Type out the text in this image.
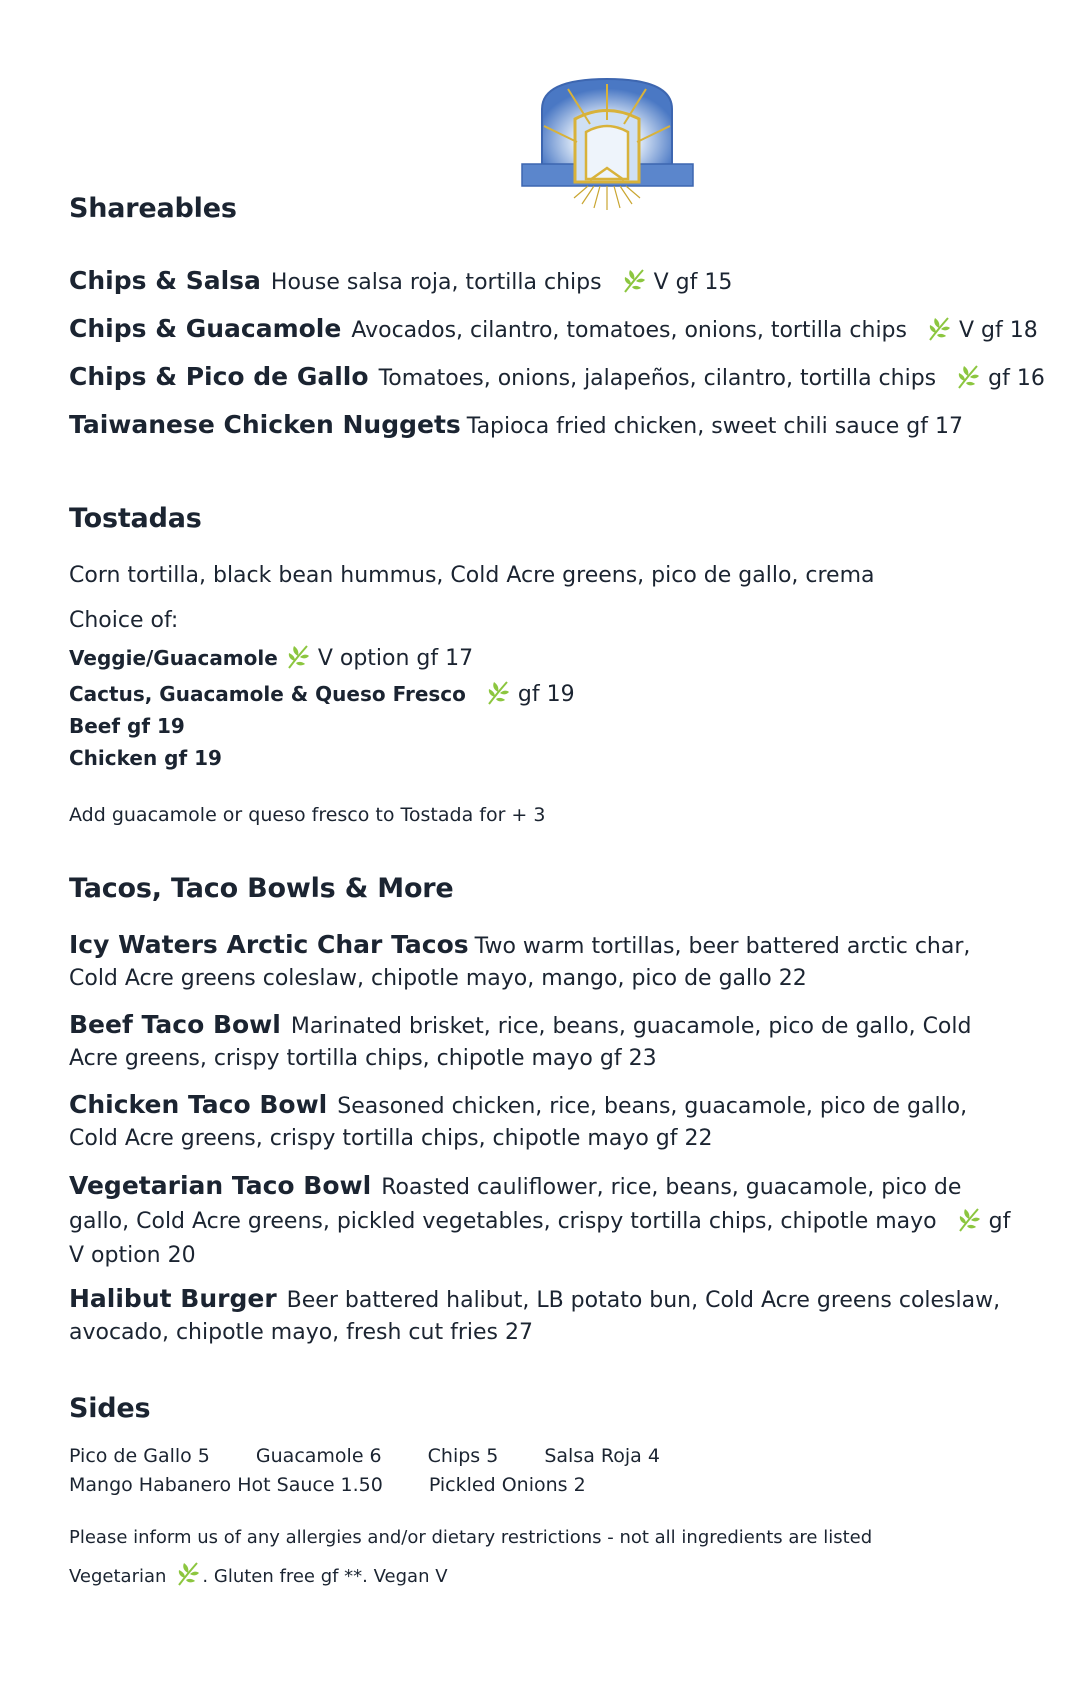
Shareables
Chips & Salsa House salsa roja, tortilla chips V gf 15
Chips & Guacamole Avocados, cilantro, tomatoes, onions, tortilla chips V gf 18
Chips & Pico de Gallo Tomatoes, onions, jalapeños, cilantro, tortilla chips gf 16
Taiwanese Chicken Nuggets Tapioca fried chicken, sweet chili sauce gf 17
Tostadas
Corn tortilla, black bean hummus, Cold Acre greens, pico de gallo, crema
Choice of:
Veggie/Guacamole V option gf 17
Cactus, Guacamole & Queso Fresco gf 19
Beef gf 19
Chicken gf 19
Add guacamole or queso fresco to Tostada for + 3
Tacos, Taco Bowls & More
Icy Waters Arctic Char Tacos Two warm tortillas, beer battered arctic char, Cold Acre greens coleslaw, chipotle mayo, mango, pico de gallo 22
Beef Taco Bowl Marinated brisket, rice, beans, guacamole, pico de gallo, Cold Acre greens, crispy tortilla chips, chipotle mayo gf 23
Chicken Taco Bowl Seasoned chicken, rice, beans, guacamole, pico de gallo, Cold Acre greens, crispy tortilla chips, chipotle mayo gf 22
Vegetarian Taco Bowl Roasted cauliflower, rice, beans, guacamole, pico de gallo, Cold Acre greens, pickled vegetables, crispy tortilla chips, chipotle mayo gf V option 20
Halibut Burger Beer battered halibut, LB potato bun, Cold Acre greens coleslaw, avocado, chipotle mayo, fresh cut fries 27
Sides
Pico de Gallo 5 Guacamole 6 Chips 5 Salsa Roja 4
Mango Habanero Hot Sauce 1.50 Pickled Onions 2
Please inform us of any allergies and/or dietary restrictions - not all ingredients are listed
Vegetarian . Gluten free gf **. Vegan V
